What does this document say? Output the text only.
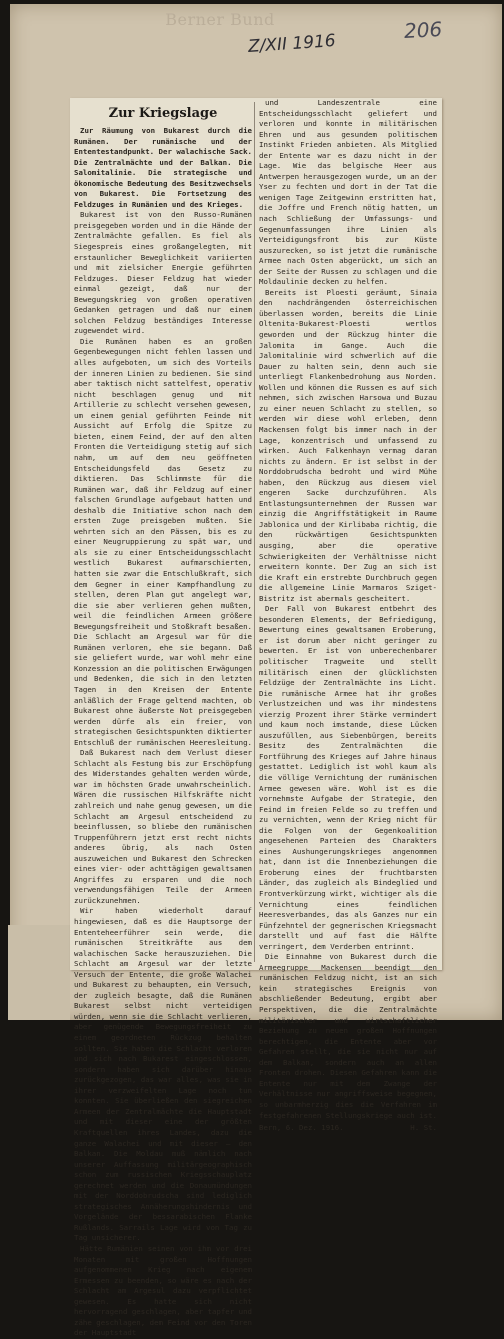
Berner Bund
Z/XII 1916
206
Zur Kriegslage

Zur Räumung von Bukarest durch die Rumänen. Der rumänische und der Ententestandpunkt. Der walachische Sack. Die Zentralmächte und der Balkan. Die Salomitalinie. Die strategische und ökonomische Bedeutung des Besitzwechsels von Bukarest. Die Fortsetzung des Feldzuges in Rumänien und des Krieges.

Bukarest ist von den Russo-Rumänen preisgegeben worden und in die Hände der Zentralmächte gefallen. Es fiel als Siegespreis eines großangelegten, mit erstaunlicher Beweglichkeit variierten und mit zielsicher Energie geführten Feldzuges. Dieser Feldzug hat wieder einmal gezeigt, daß nur der Bewegungskrieg von großen operativen Gedanken getragen und daß nur einem solchen Feldzug beständiges Interesse zugewendet wird.

Die Rumänen haben es an großen Gegenbewegungen nicht fehlen lassen und alles aufgeboten, um sich des Vorteils der inneren Linien zu bedienen. Sie sind aber taktisch nicht sattelfest, operativ nicht beschlagen genug und mit Artillerie zu schlecht versehen gewesen, um einem genial geführten Feinde mit Aussicht auf Erfolg die Spitze zu bieten, einem Feind, der auf den alten Fronten die Verteidigung stetig auf sich nahm, um auf dem neu geöffneten Entscheidungsfeld das Gesetz zu diktieren. Das Schlimmste für die Rumänen war, daß ihr Feldzug auf einer falschen Grundlage aufgebaut hatten und deshalb die Initiative schon nach dem ersten Zuge preisgeben mußten. Sie wehrten sich an den Pässen, bis es zu einer Neugruppierung zu spät war, und als sie zu einer Entscheidungsschlacht westlich Bukarest aufmarschierten, hatten sie zwar die Entschlußkraft, sich dem Gegner in einer Kampfhandlung zu stellen, deren Plan gut angelegt war, die sie aber verlieren gehen mußten, weil die feindlichen Armeen größere Bewegungsfreiheit und Stoßkraft besaßen. Die Schlacht am Argesul war für die Rumänen verloren, ehe sie begann. Daß sie geliefert wurde, war wohl mehr eine Konzession an die politischen Erwägungen und Bedenken, die sich in den letzten Tagen in den Kreisen der Entente anläßlich der Frage geltend machten, ob Bukarest ohne äußerste Not preisgegeben werden dürfe als ein freier, von strategischen Gesichtspunkten diktierter Entschluß der rumänischen Heeresleitung.

Daß Bukarest nach dem Verlust dieser Schlacht als Festung bis zur Erschöpfung des Widerstandes gehalten werden würde, war im höchsten Grade unwahrscheinlich. Wären die russischen Hilfskräfte nicht zahlreich und nahe genug gewesen, um die Schlacht am Argesul entscheidend zu beeinflussen, so bliebe den rumänischen Truppenführern jetzt erst recht nichts anderes übrig, als nach Osten auszuweichen und Bukarest den Schrecken eines vier- oder achttägigen gewaltsamen Angriffes zu ersparen und die noch verwendungsfähigen Teile der Armeen zurückzunehmen.

Wir haben wiederholt darauf hingewiesen, daß es die Hauptsorge der Ententeheerführer sein werde, die rumänischen Streitkräfte aus dem walachischen Sacke herauszuziehen. Die Schlacht am Argesul war der letzte Versuch der Entente, die große Walachei und Bukarest zu behaupten, ein Versuch, der zugleich besagte, daß die Rumänen Bukarest selbst nicht verteidigen würden, wenn sie die Schlacht verlieren, aber genügende Bewegungsfreiheit zu einem geordneten Rückzug behalten sollten. Sie haben die Schlacht verloren und sich nach Bukarest eingeschlossen, sondern haben sich darüber hinaus zurückgezogen, das war alles, was sie in ihrer verzweifelten Lage noch tun konnten. Sie überließen den siegreichen Armeen der Zentralmächte die Hauptstadt und mit dieser eine der größten Kraftquellen ihres Landes, dazu die ganze Walachei und mit dieser — den Balkan. Die Moldau muß nämlich nach unserer Auffassung militärgeographisch schon zum russischen Kriegsschauplatz gerechnet werden und die Donaumündungen mit der Norddobrudscha sind lediglich strategisches Annäherungshindernis und Vorgelände der bessarabischen Flanke Rußlands. Sarrails Lage wird von Tag zu Tag unsicherer.

Hätte Rumänien seinen von ihm vor drei Monaten mit großen Hoffnungen aufgenommenen Krieg nach eigenem Ermessen zu beenden, so wäre es nach der Schlacht am Argesul dazu verpflichtet gewesen. Es hatte sich nicht hervorragend geschlagen, aber tapfer und zähe geschlagen, dem Feind vor den Toren der Hauptstadt

und Landeszentrale eine Entscheidungsschlacht geliefert und verloren und konnte in militärischen Ehren und aus gesundem politischem Instinkt Frieden anbieten. Als Mitglied der Entente war es dazu nicht in der Lage. Wie das belgische Heer aus Antwerpen herausgezogen wurde, um an der Yser zu fechten und dort in der Tat die wenigen Tage Zeitgewinn erstritten hat, die Joffre und French nötig hatten, um nach Schließung der Umfassungs- und Gegenumfassungen ihre Linien als Verteidigungsfront bis zur Küste auszurecken, so ist jetzt die rumänische Armee nach Osten abgerückt, um sich an der Seite der Russen zu schlagen und die Moldaulinie decken zu helfen.

Bereits ist Ploesti geräumt, Sinaia den nachdrängenden österreichischen überlassen worden, bereits die Linie Oltenita-Bukarest-Ploesti wertlos geworden und der Rückzug hinter die Jalomita im Gange. Auch die Jalomitalinie wird schwerlich auf die Dauer zu halten sein, denn auch sie unterliegt Flankenbedrohung aus Norden. Wollen und können die Russen es auf sich nehmen, sich zwischen Harsowa und Buzau zu einer neuen Schlacht zu stellen, so werden wir diese wohl erleben, denn Mackensen folgt bis immer nach in der Lage, konzentrisch und umfassend zu wirken. Auch Falkenhayn vermag daran nichts zu ändern. Er ist selbst in der Norddobrudscha bedroht und wird Mühe haben, den Rückzug aus diesem viel engeren Sacke durchzuführen. Als Entlastungsunternehmen der Russen war einzig die Angriffstätigkeit im Raume Jablonica und der Kirlibaba richtig, die den rückwärtigen Gesichtspunkten ausging, aber die operative Schwierigkeiten der Verhältnisse nicht erweitern konnte. Der Zug an sich ist die Kraft ein erstrebte Durchbruch gegen die allgemeine Linie Marmaros Sziget-Bistritz ist abermals gescheitert.

Der Fall von Bukarest entbehrt des besonderen Elements, der Befriedigung, Bewertung eines gewaltsamen Eroberung, er ist dorum aber nicht geringer zu bewerten. Er ist von unberechenbarer politischer Tragweite und stellt militärisch einen der glücklichsten Feldzüge der Zentralmächte ins Licht. Die rumänische Armee hat ihr großes Verlustzeichen und was ihr mindestens vierzig Prozent ihrer Stärke vermindert und kaum noch imstande, diese Lücken auszufüllen, aus Siebenbürgen, bereits Besitz des Zentralmächten die Fortführung des Krieges auf Jahre hinaus gestattet. Lediglich ist wohl kaum als die völlige Vernichtung der rumänischen Armee gewesen wäre. Wohl ist es die vornehmste Aufgabe der Strategie, den Feind im freien Felde so zu treffen und zu vernichten, wenn der Krieg nicht für die Folgen von der Gegenkoalition angesehenen Parteien des Charakters eines Aushungerungskrieges angenommen hat, dann ist die Innenbeziehungen die Eroberung eines der fruchtbarsten Länder, das zugleich als Bindeglied und Frontverkürzung wirkt, wichtiger als die Vernichtung eines feindlichen Heeresverbandes, das als Ganzes nur ein Fünfzehntel der gegnerischen Kriegsmacht darstellt und auf fast die Hälfte verringert, dem Verderben entrinnt.

Die Einnahme von Bukarest durch die Armeegruppe Mackensen beendigt den rumänischen Feldzug nicht, ist an sich kein strategisches Ereignis von abschließender Bedeutung, ergibt aber Perspektiven, die die Zentralmächte militärischer und wirtschaftlicher Beziehung zu neuen großen Hoffnungen berechtigen, die Entente aber vor Gefahren stellt, die sie nicht nur auf dem Balkan, sondern auch an allen Fronten drohen. Diesen Gefahren kann die Entente nur mit dem Zwange der Verhältnisse nur angriffsweise begegnen, so unbarmherzig dies die Verfahren im festgefahrenen Stellungskriege auch ist.

Bern, 6. Dez. 1916.	H. St.
